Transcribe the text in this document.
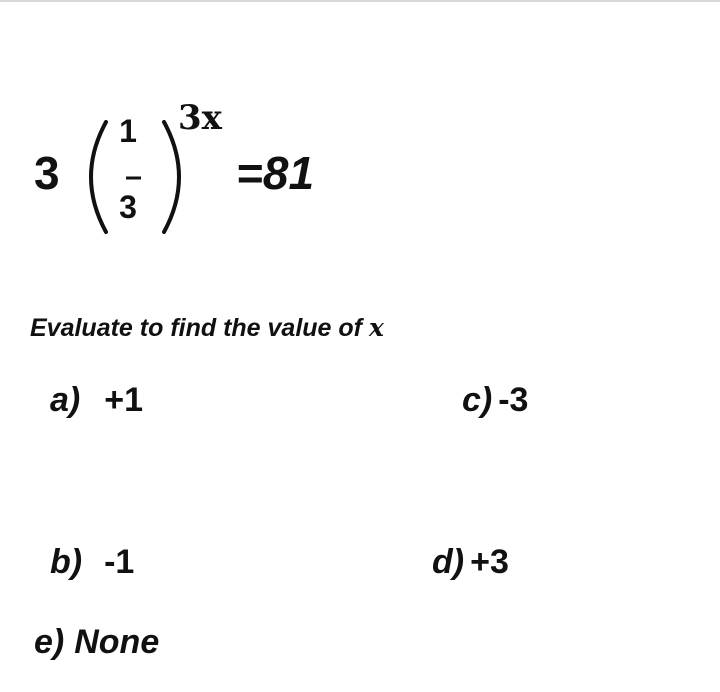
3
1
3
3x
=81
Evaluate to find the value of x
a) +1	c) -3
b) -1	d) +3
e) None
